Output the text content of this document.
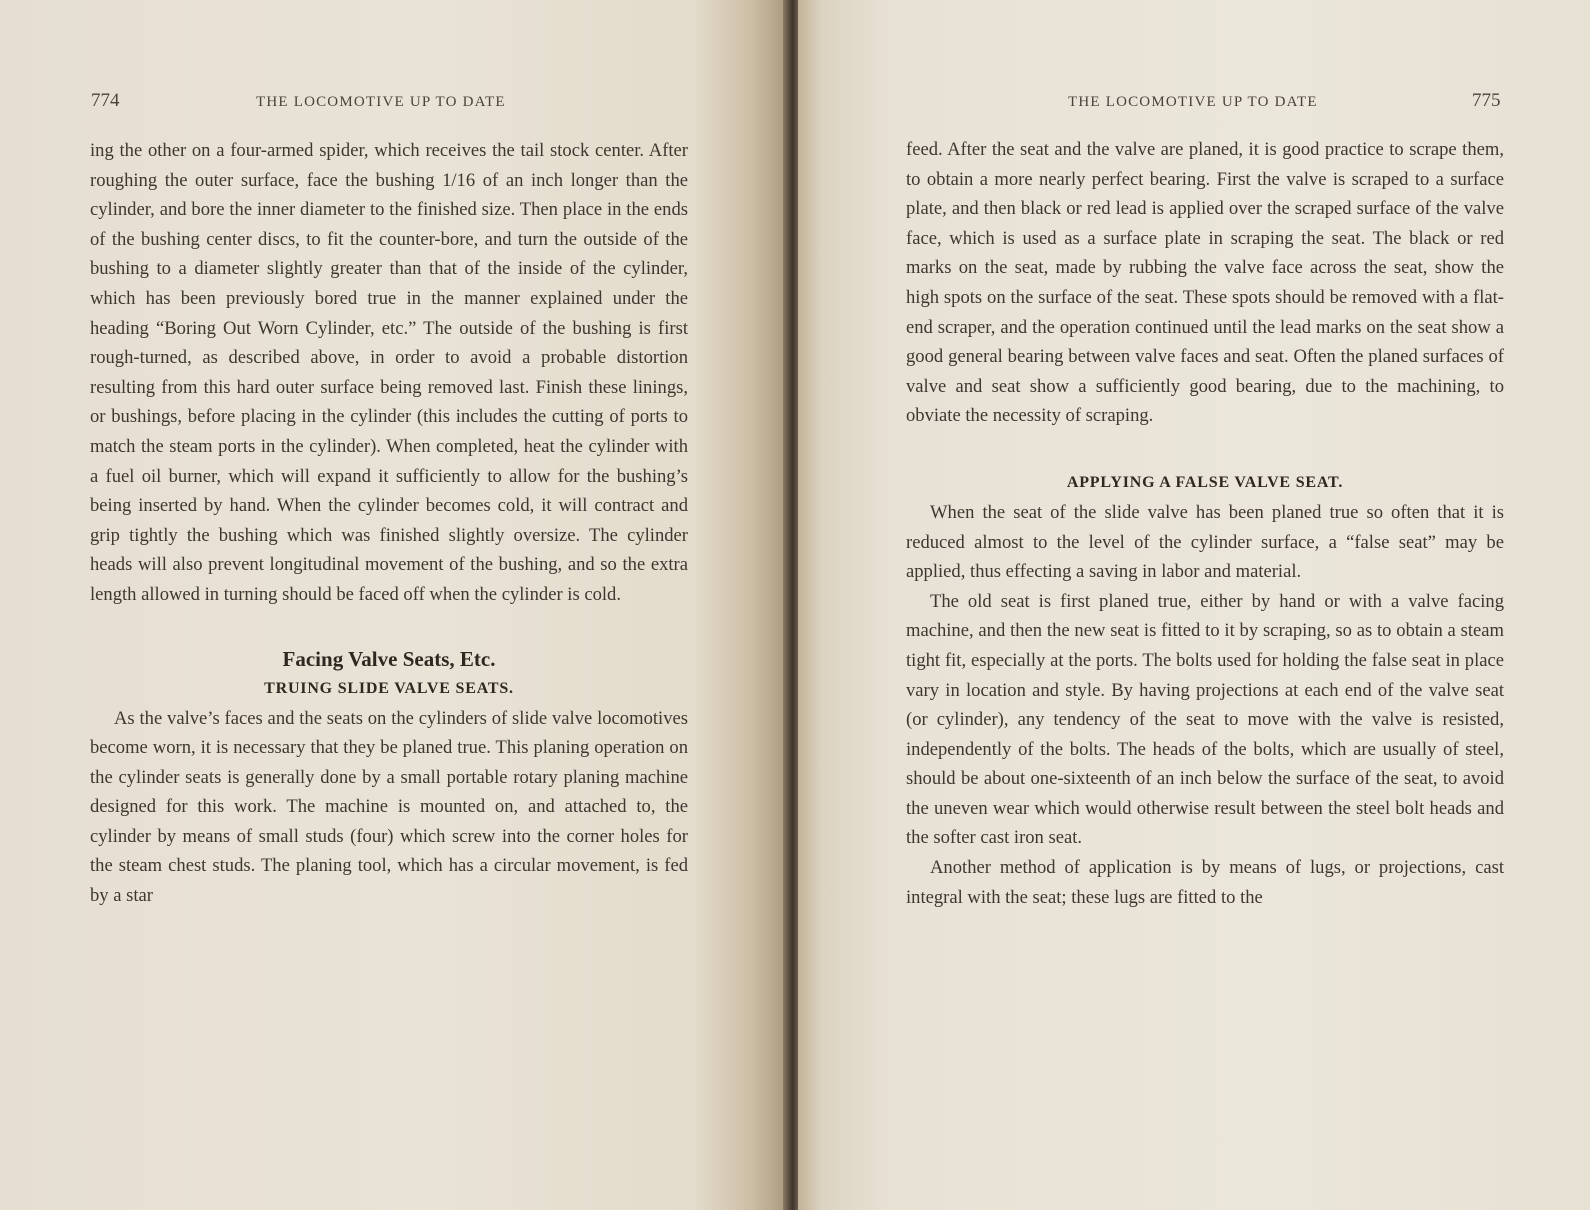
774	THE LOCOMOTIVE UP TO DATE

ing the other on a four-armed spider, which receives the tail stock center. After roughing the outer surface, face the bushing 1/16 of an inch longer than the cylinder, and bore the inner diameter to the finished size. Then place in the ends of the bushing center discs, to fit the counter-bore, and turn the outside of the bushing to a diameter slightly greater than that of the inside of the cylinder, which has been previously bored true in the manner explained under the heading “Boring Out Worn Cylinder, etc.” The outside of the bushing is first rough-turned, as described above, in order to avoid a probable distortion resulting from this hard outer surface being removed last. Finish these linings, or bushings, before placing in the cylinder (this includes the cutting of ports to match the steam ports in the cylinder). When completed, heat the cylinder with a fuel oil burner, which will expand it sufficiently to allow for the bushing’s being inserted by hand. When the cylinder becomes cold, it will contract and grip tightly the bushing which was finished slightly oversize. The cylinder heads will also prevent longitudinal movement of the bushing, and so the extra length allowed in turning should be faced off when the cylinder is cold.

Facing Valve Seats, Etc.
TRUING SLIDE VALVE SEATS.

As the valve’s faces and the seats on the cylinders of slide valve locomotives become worn, it is necessary that they be planed true. This planing operation on the cylinder seats is generally done by a small portable rotary planing machine designed for this work. The machine is mounted on, and attached to, the cylinder by means of small studs (four) which screw into the corner holes for the steam chest studs. The planing tool, which has a circular movement, is fed by a star

THE LOCOMOTIVE UP TO DATE	775

feed. After the seat and the valve are planed, it is good practice to scrape them, to obtain a more nearly perfect bearing. First the valve is scraped to a surface plate, and then black or red lead is applied over the scraped surface of the valve face, which is used as a surface plate in scraping the seat. The black or red marks on the seat, made by rubbing the valve face across the seat, show the high spots on the surface of the seat. These spots should be removed with a flat-end scraper, and the operation continued until the lead marks on the seat show a good general bearing between valve faces and seat. Often the planed surfaces of valve and seat show a sufficiently good bearing, due to the machining, to obviate the necessity of scraping.

APPLYING A FALSE VALVE SEAT.

When the seat of the slide valve has been planed true so often that it is reduced almost to the level of the cylinder surface, a “false seat” may be applied, thus effecting a saving in labor and material.

The old seat is first planed true, either by hand or with a valve facing machine, and then the new seat is fitted to it by scraping, so as to obtain a steam tight fit, especially at the ports. The bolts used for holding the false seat in place vary in location and style. By having projections at each end of the valve seat (or cylinder), any tendency of the seat to move with the valve is resisted, independently of the bolts. The heads of the bolts, which are usually of steel, should be about one-sixteenth of an inch below the surface of the seat, to avoid the uneven wear which would otherwise result between the steel bolt heads and the softer cast iron seat.

Another method of application is by means of lugs, or projections, cast integral with the seat; these lugs are fitted to the
